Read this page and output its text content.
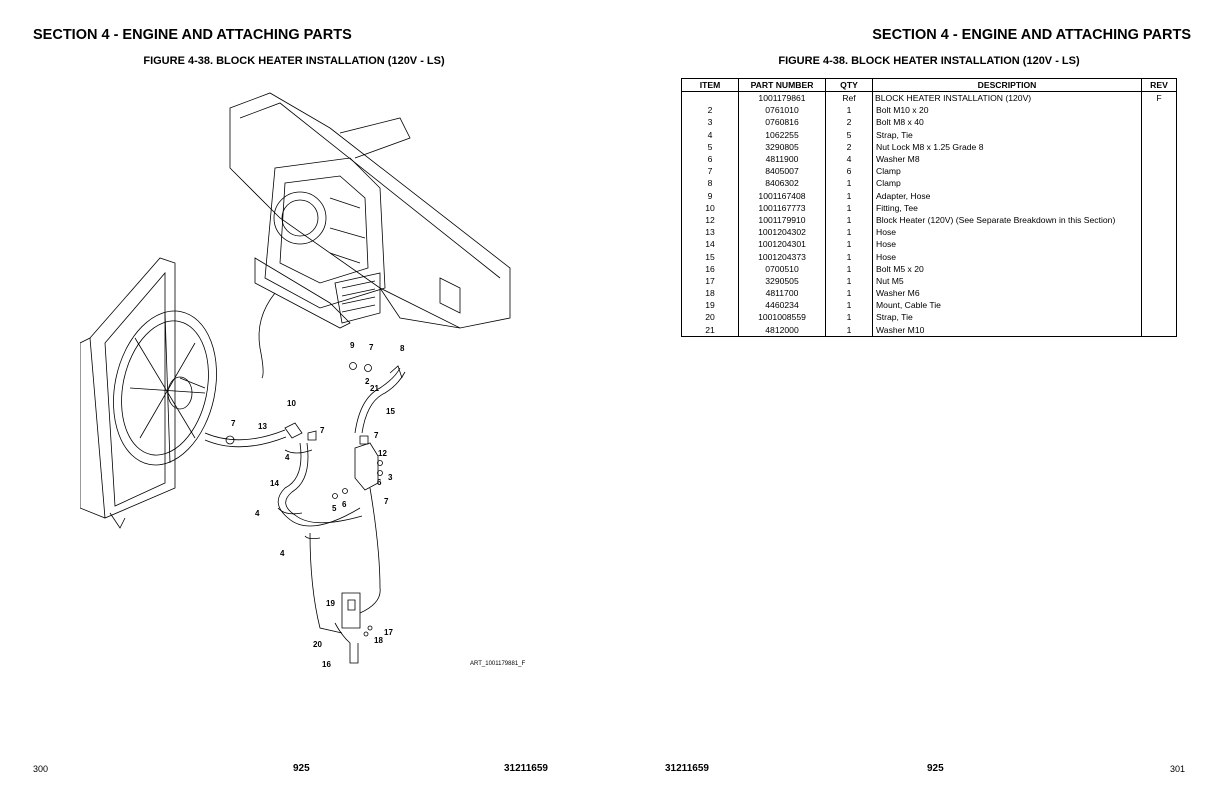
SECTION 4 - ENGINE AND ATTACHING PARTS	SECTION 4 - ENGINE AND ATTACHING PARTS
FIGURE 4-38. BLOCK HEATER INSTALLATION (120V - LS)	FIGURE 4-38. BLOCK HEATER INSTALLATION (120V - LS)
9 7	8
2
21
15
10
7	13	7
7
12
3
6
4
14
5 6	7
4
4
19
17
18
20
16	ART_1001179881_F
ITEM	PART NUMBER	QTY	DESCRIPTION	REV
	1001179861	Ref	BLOCK HEATER INSTALLATION (120V)	F
2	0761010	1	Bolt M10 x 20	
3	0760816	2	Bolt M8 x 40	
4	1062255	5	Strap, Tie	
5	3290805	2	Nut Lock M8 x 1.25 Grade 8	
6	4811900	4	Washer M8	
7	8405007	6	Clamp	
8	8406302	1	Clamp	
9	1001167408	1	Adapter, Hose	
10	1001167773	1	Fitting, Tee	
12	1001179910	1	Block Heater (120V) (See Separate Breakdown in this Section)	
13	1001204302	1	Hose	
14	1001204301	1	Hose	
15	1001204373	1	Hose	
16	0700510	1	Bolt M5 x 20	
17	3290505	1	Nut M5	
18	4811700	1	Washer M6	
19	4460234	1	Mount, Cable Tie	
20	1001008559	1	Strap, Tie	
21	4812000	1	Washer M10	
300	925	31211659	31211659	925	301
